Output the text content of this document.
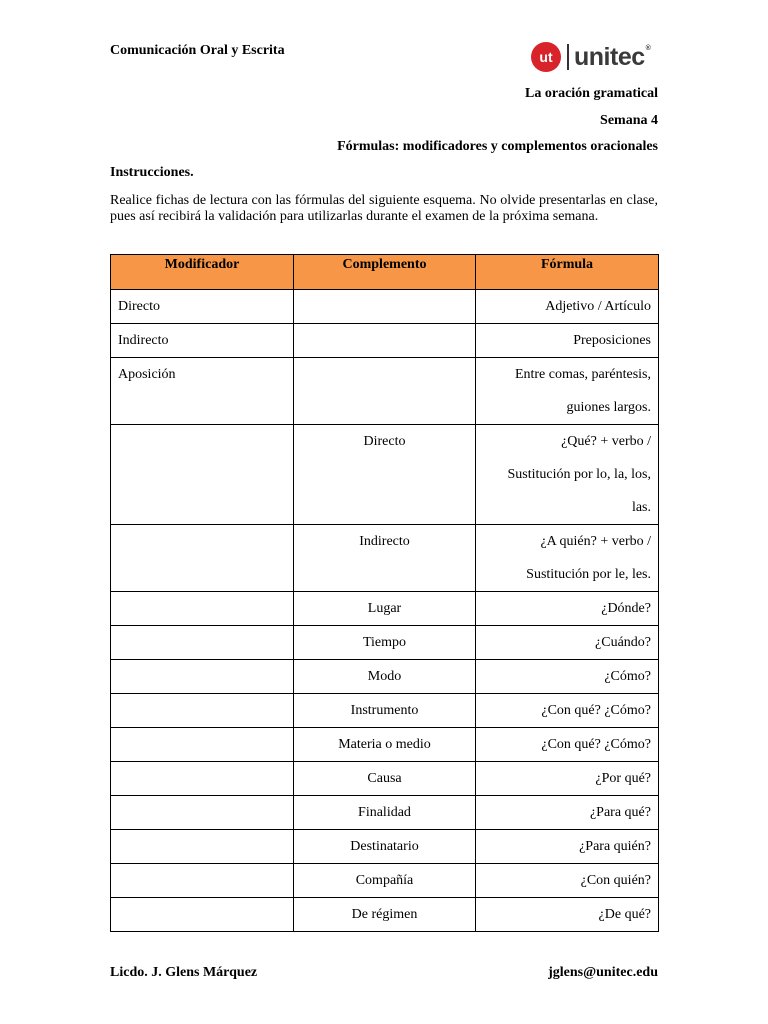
Comunicación Oral y Escrita	ut unitec®
La oración gramatical
Semana 4
Fórmulas: modificadores y complementos oracionales
Instrucciones.
Realice fichas de lectura con las fórmulas del siguiente esquema. No olvide presentarlas en clase, pues así recibirá la validación para utilizarlas durante el examen de la próxima semana.
Modificador	Complemento	Fórmula
Directo		Adjetivo / Artículo

Indirecto		Preposiciones

Aposición		Entre comas, paréntesis,
guiones largos.

	Directo	¿Qué? + verbo /
Sustitución por lo, la, los,
las.

	Indirecto	¿A quién? + verbo /
Sustitución por le, les.

	Lugar	¿Dónde?

	Tiempo	¿Cuándo?

	Modo	¿Cómo?

	Instrumento	¿Con qué? ¿Cómo?

	Materia o medio	¿Con qué? ¿Cómo?

	Causa	¿Por qué?

	Finalidad	¿Para qué?

	Destinatario	¿Para quién?

	Compañía	¿Con quién?

	De régimen	¿De qué?
Licdo. J. Glens Márquez	jglens@unitec.edu
